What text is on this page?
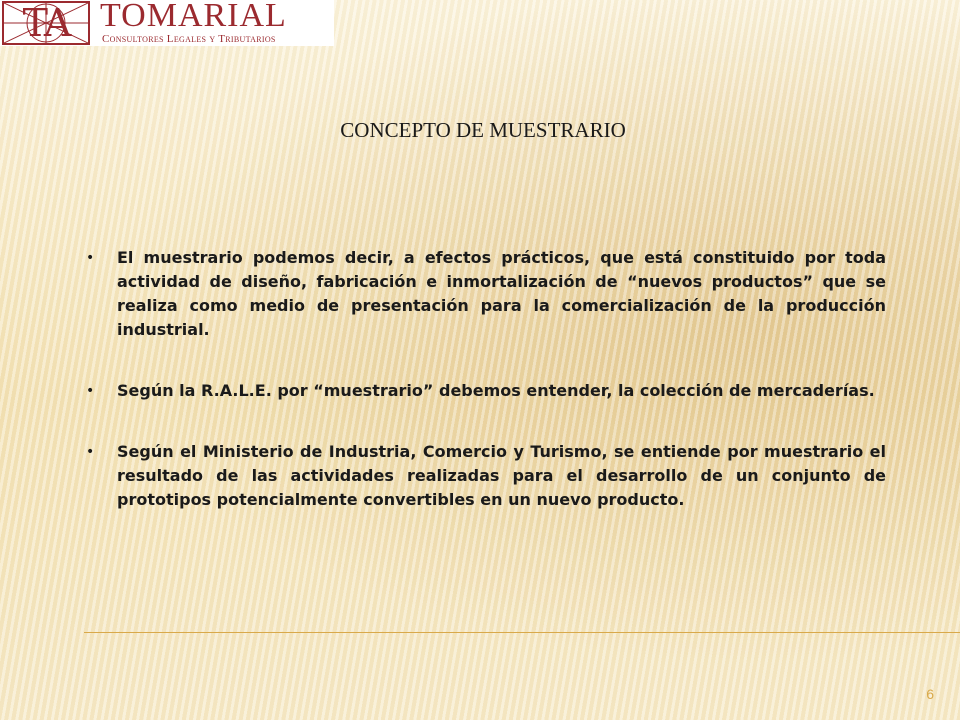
TA TOMARIAL
Consultores Legales y Tributarios
CONCEPTO DE MUESTRARIO
•	El muestrario podemos decir, a efectos prácticos, que está constituido por toda actividad de diseño, fabricación e inmortalización de “nuevos productos” que se realiza como medio de presentación para la comercialización de la producción industrial.

•	Según la R.A.L.E. por “muestrario” debemos entender, la colección de mercaderías.

•	Según el Ministerio de Industria, Comercio y Turismo, se entiende por muestrario el resultado de las actividades realizadas para el desarrollo de un conjunto de prototipos potencialmente convertibles en un nuevo producto.

6
